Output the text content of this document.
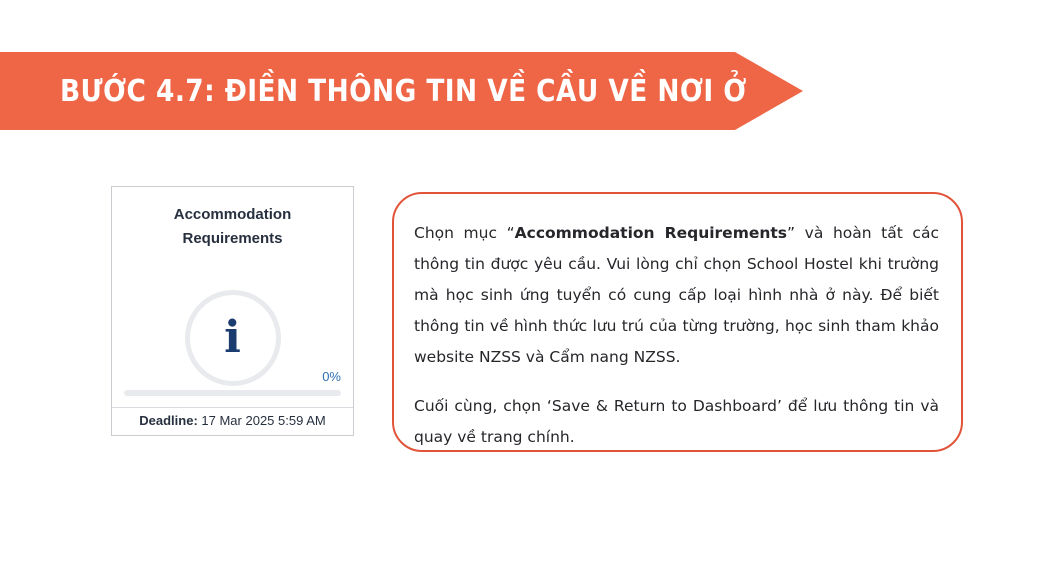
BƯỚC 4.7: ĐIỀN THÔNG TIN VỀ CẦU VỀ NƠI Ở
Accommodation
Requirements
i
0%
Deadline: 17 Mar 2025 5:59 AM

Chọn mục “Accommodation Requirements” và hoàn tất các thông tin được yêu cầu. Vui lòng chỉ chọn School Hostel khi trường mà học sinh ứng tuyển có cung cấp loại hình nhà ở này. Để biết thông tin về hình thức lưu trú của từng trường, học sinh tham khảo website NZSS và Cẩm nang NZSS.

Cuối cùng, chọn ‘Save & Return to Dashboard’ để lưu thông tin và quay về trang chính.
